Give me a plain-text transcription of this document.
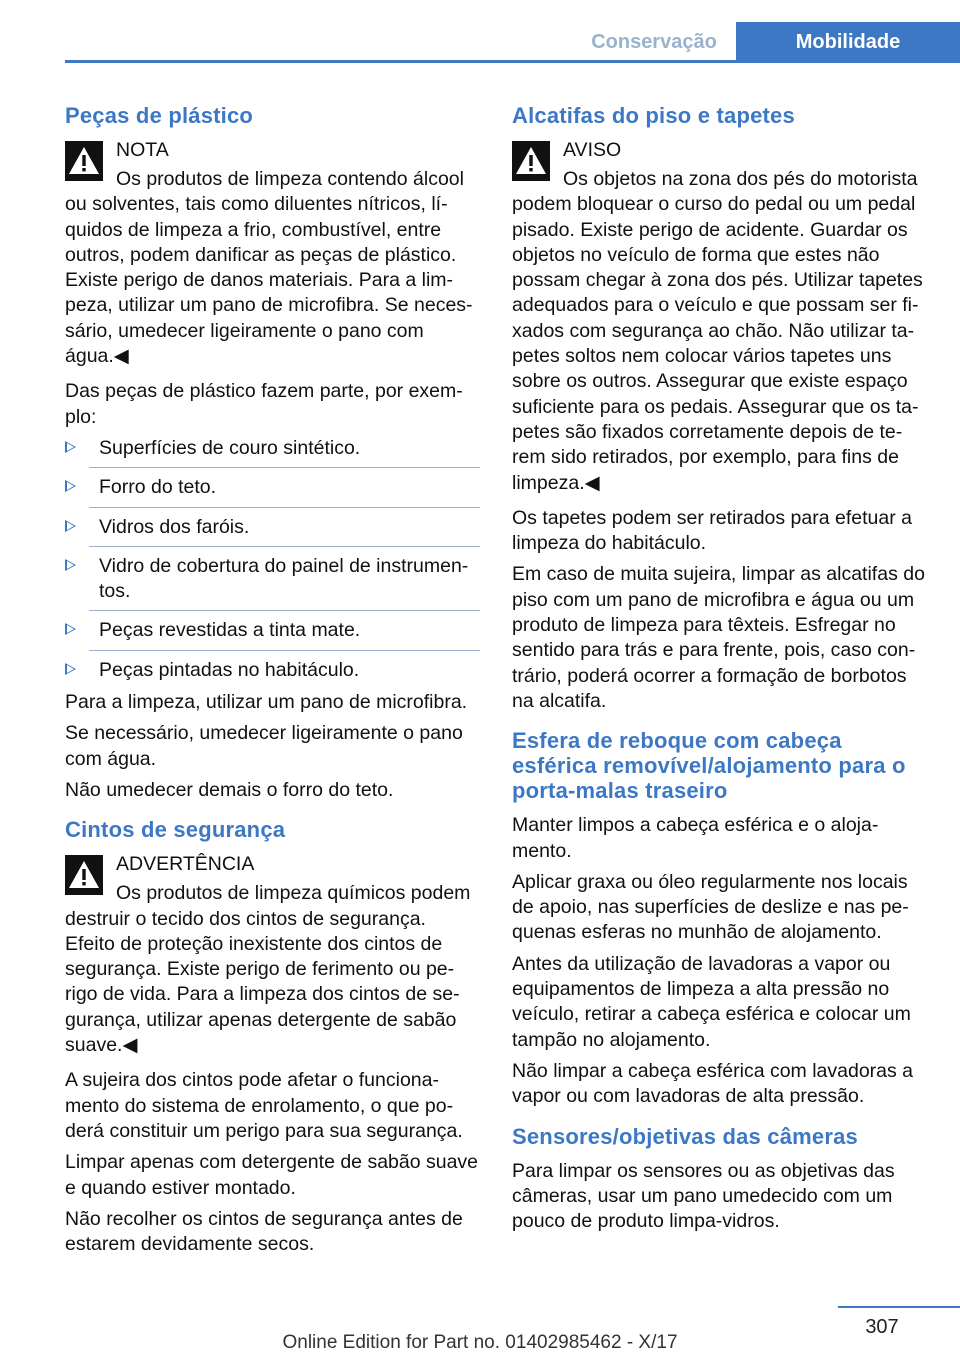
Conservação	Mobilidade
Peças de plástico
NOTA

Os produtos de limpeza contendo álcool ou solventes, tais como diluentes nítricos, líquidos de limpeza a frio, combustível, entre outros, podem danificar as peças de plástico. Existe perigo de danos materiais. Para a limpeza, utilizar um pano de microfibra. Se necessário, umedecer ligeiramente o pano com água.◀

Das peças de plástico fazem parte, por exemplo:

Superfícies de couro sintético.
Forro do teto.
Vidros dos faróis.
Vidro de cobertura do painel de instrumentos.
Peças revestidas a tinta mate.
Peças pintadas no habitáculo.

Para a limpeza, utilizar um pano de microfibra.

Se necessário, umedecer ligeiramente o pano com água.

Não umedecer demais o forro do teto.

Cintos de segurança
ADVERTÊNCIA

Os produtos de limpeza químicos podem destruir o tecido dos cintos de segurança. Efeito de proteção inexistente dos cintos de segurança. Existe perigo de ferimento ou perigo de vida. Para a limpeza dos cintos de segurança, utilizar apenas detergente de sabão suave.◀

A sujeira dos cintos pode afetar o funcionamento do sistema de enrolamento, o que poderá constituir um perigo para sua segurança.

Limpar apenas com detergente de sabão suave e quando estiver montado.

Não recolher os cintos de segurança antes de estarem devidamente secos.

Alcatifas do piso e tapetes
AVISO

Os objetos na zona dos pés do motorista podem bloquear o curso do pedal ou um pedal pisado. Existe perigo de acidente. Guardar os objetos no veículo de forma que estes não possam chegar à zona dos pés. Utilizar tapetes adequados para o veículo e que possam ser fixados com segurança ao chão. Não utilizar tapetes soltos nem colocar vários tapetes uns sobre os outros. Assegurar que existe espaço suficiente para os pedais. Assegurar que os tapetes são fixados corretamente depois de terem sido retirados, por exemplo, para fins de limpeza.◀

Os tapetes podem ser retirados para efetuar a limpeza do habitáculo.

Em caso de muita sujeira, limpar as alcatifas do piso com um pano de microfibra e água ou um produto de limpeza para têxteis. Esfregar no sentido para trás e para frente, pois, caso contrário, poderá ocorrer a formação de borbotos na alcatifa.

Esfera de reboque com cabeça esférica removível/alojamento para o porta-malas traseiro

Manter limpos a cabeça esférica e o alojamento.

Aplicar graxa ou óleo regularmente nos locais de apoio, nas superfícies de deslize e nas pequenas esferas no munhão de alojamento.

Antes da utilização de lavadoras a vapor ou equipamentos de limpeza a alta pressão no veículo, retirar a cabeça esférica e colocar um tampão no alojamento.

Não limpar a cabeça esférica com lavadoras a vapor ou com lavadoras de alta pressão.

Sensores/objetivas das câmeras

Para limpar os sensores ou as objetivas das câmeras, usar um pano umedecido com um pouco de produto limpa-vidros.

307
Online Edition for Part no. 01402985462 - X/17
